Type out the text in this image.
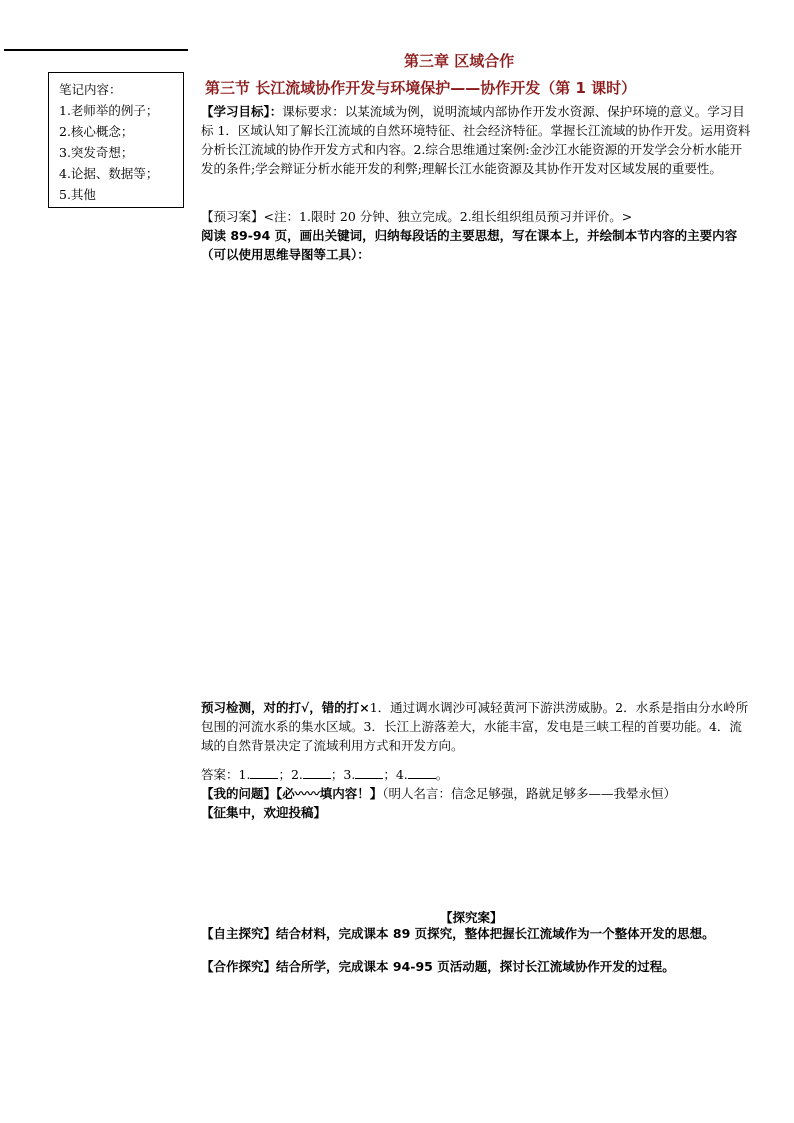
笔记内容：
1.老师举的例子；
2.核心概念；
3.突发奇想；
4.论据、数据等；
5.其他
第三章 区域合作
第三节 长江流域协作开发与环境保护——协作开发（第 1 课时）
【学习目标】：课标要求：以某流域为例，说明流域内部协作开发水资源、保护环境的意义。学习目标 1．区域认知了解长江流域的自然环境特征、社会经济特征。掌握长江流域的协作开发。运用资料分析长江流域的协作开发方式和内容。2.综合思维通过案例:金沙江水能资源的开发学会分析水能开发的条件;学会辩证分析水能开发的利弊;理解长江水能资源及其协作开发对区域发展的重要性。
【预习案】<注：1.限时 20 分钟、独立完成。2.组长组织组员预习并评价。>
阅读 89-94 页，画出关键词，归纳每段话的主要思想，写在课本上，并绘制本节内容的主要内容（可以使用思维导图等工具）：
预习检测，对的打√，错的打×1．通过调水调沙可减轻黄河下游洪涝威胁。2．水系是指由分水岭所包围的河流水系的集水区域。3．长江上游落差大，水能丰富，发电是三峡工程的首要功能。4．流域的自然背景决定了流域利用方式和开发方向。
答案：1. ；2. ；3. ；4. 。
【我的问题】【必〰〰填内容！】（明人名言：信念足够强，路就足够多——我晕永恒）
【征集中，欢迎投稿】
【探究案】
【自主探究】结合材料，完成课本 89 页探究，整体把握长江流域作为一个整体开发的思想。
【合作探究】结合所学，完成课本 94-95 页活动题，探讨长江流域协作开发的过程。
